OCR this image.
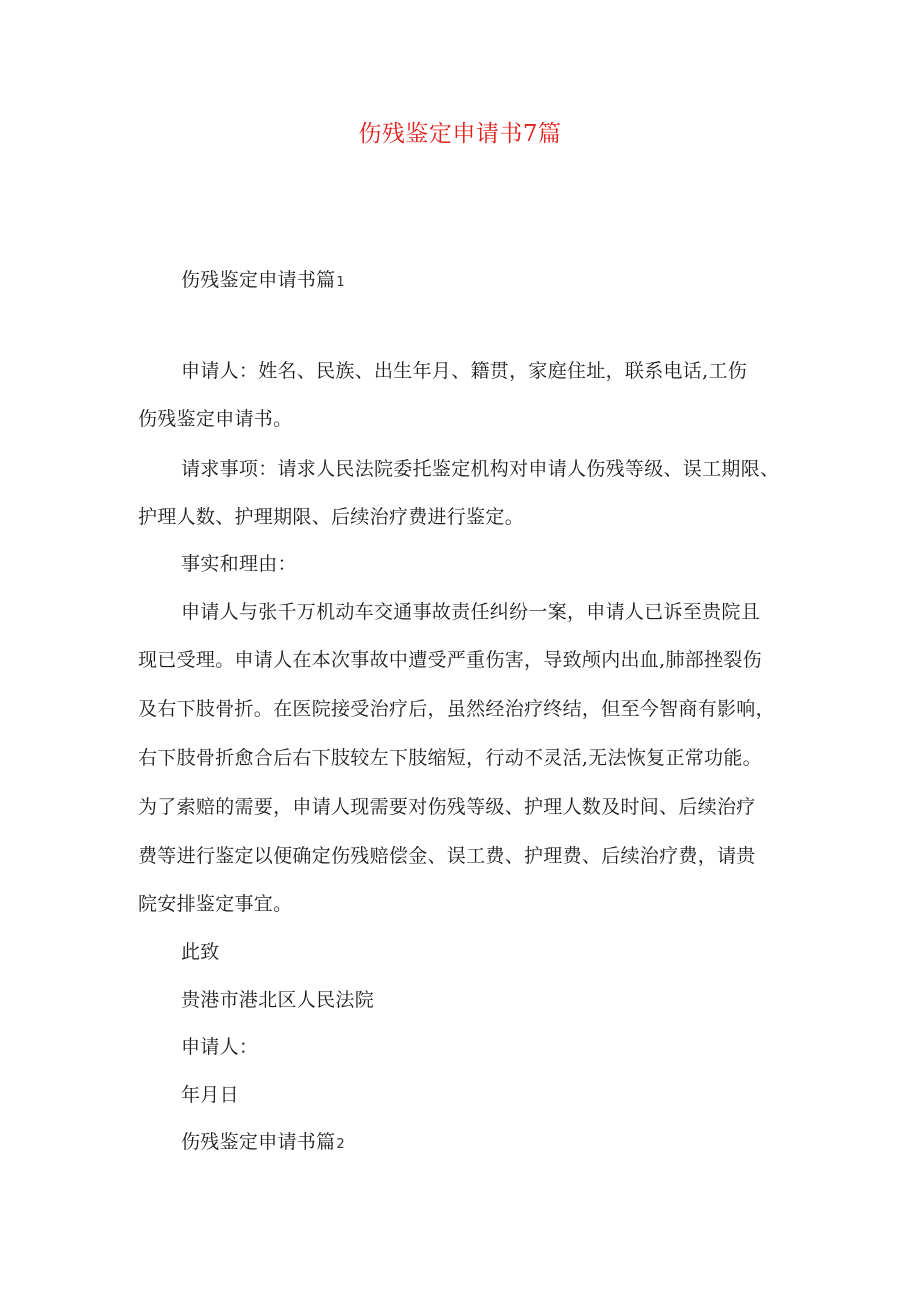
伤残鉴定申请书7篇
伤残鉴定申请书篇1
申请人：姓名、民族、出生年月、籍贯，家庭住址，联系电话,工伤
伤残鉴定申请书。
请求事项：请求人民法院委托鉴定机构对申请人伤残等级、误工期限、
护理人数、护理期限、后续治疗费进行鉴定。
事实和理由：
申请人与张千万机动车交通事故责任纠纷一案，申请人已诉至贵院且
现已受理。申请人在本次事故中遭受严重伤害，导致颅内出血,肺部挫裂伤
及右下肢骨折。在医院接受治疗后，虽然经治疗终结，但至今智商有影响，
右下肢骨折愈合后右下肢较左下肢缩短，行动不灵活,无法恢复正常功能。
为了索赔的需要，申请人现需要对伤残等级、护理人数及时间、后续治疗
费等进行鉴定以便确定伤残赔偿金、误工费、护理费、后续治疗费，请贵
院安排鉴定事宜。
此致
贵港市港北区人民法院
申请人：
年月日
伤残鉴定申请书篇2
